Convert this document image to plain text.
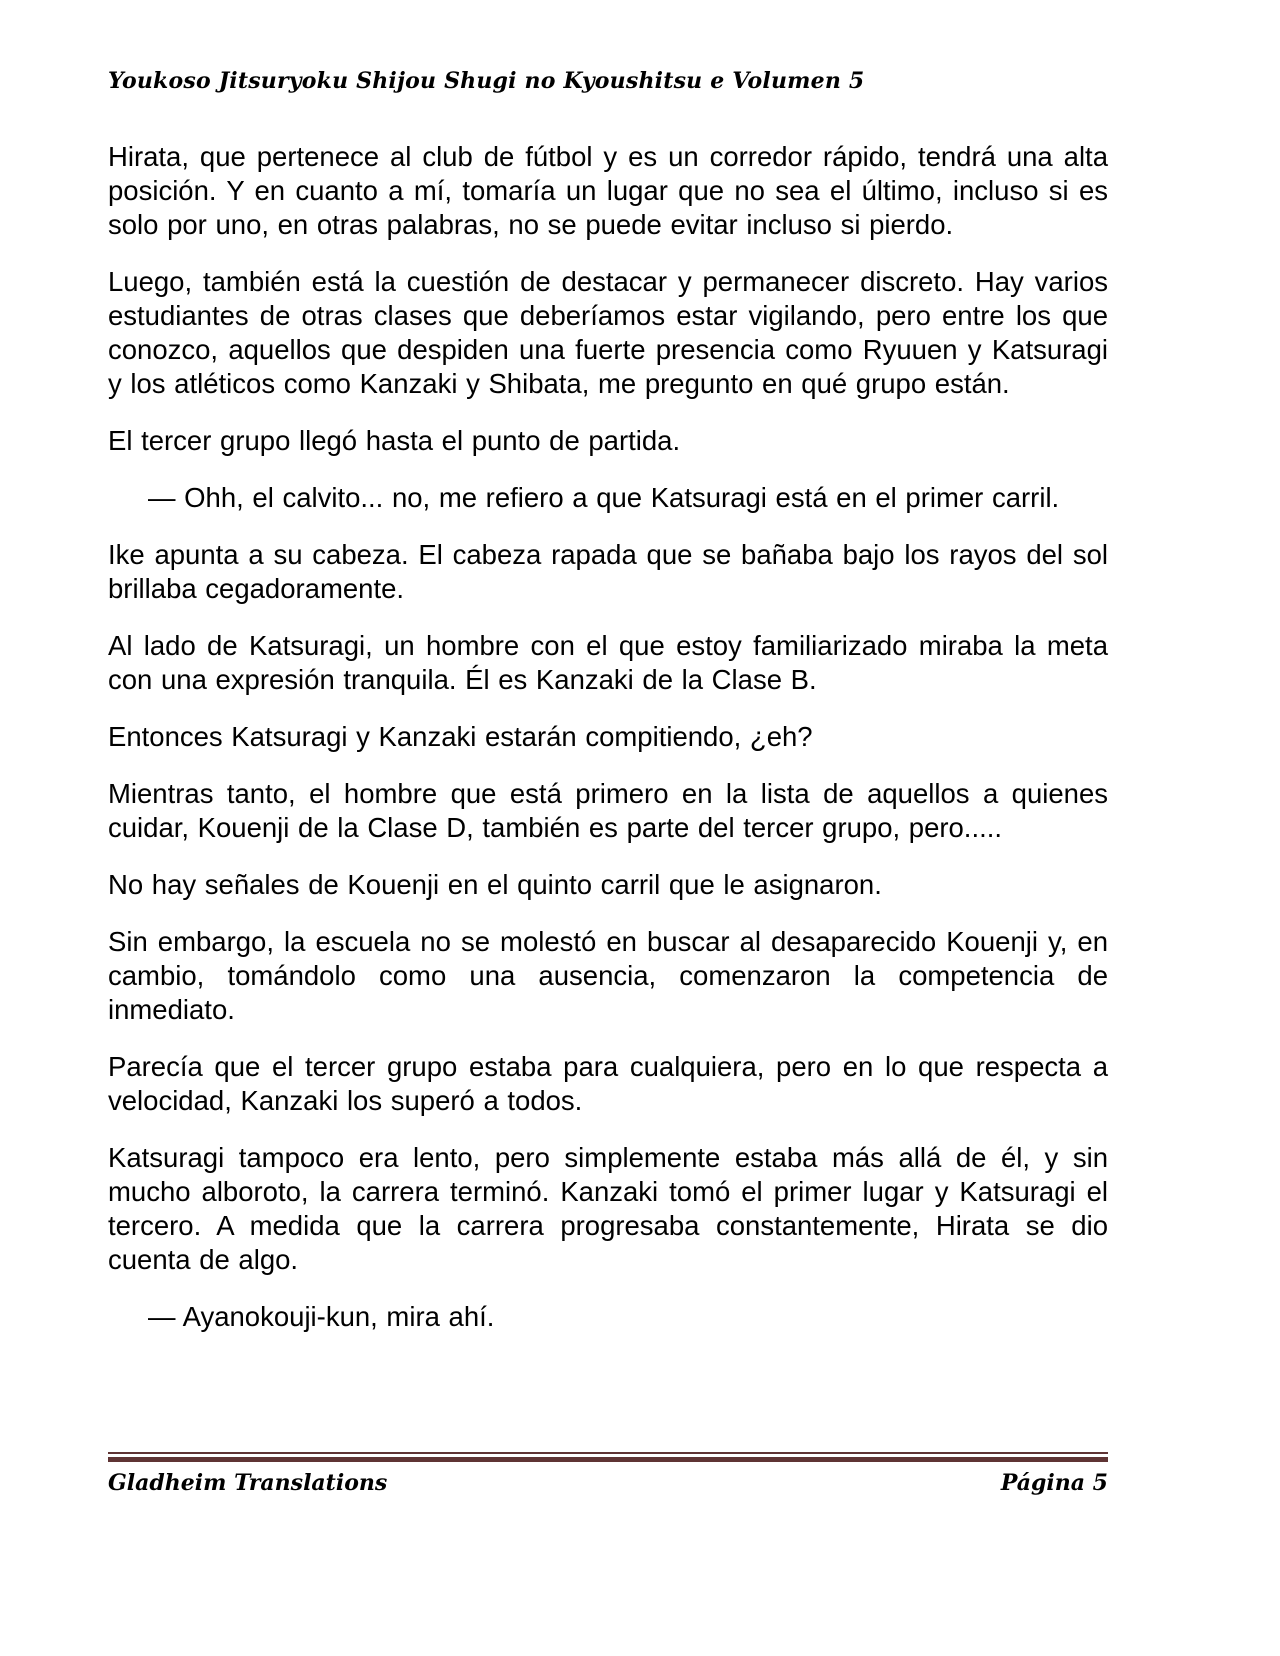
Youkoso Jitsuryoku Shijou Shugi no Kyoushitsu e Volumen 5

Hirata, que pertenece al club de fútbol y es un corredor rápido, tendrá una alta posición. Y en cuanto a mí, tomaría un lugar que no sea el último, incluso si es solo por uno, en otras palabras, no se puede evitar incluso si pierdo.

Luego, también está la cuestión de destacar y permanecer discreto. Hay varios estudiantes de otras clases que deberíamos estar vigilando, pero entre los que conozco, aquellos que despiden una fuerte presencia como Ryuuen y Katsuragi y los atléticos como Kanzaki y Shibata, me pregunto en qué grupo están.

El tercer grupo llegó hasta el punto de partida.

— Ohh, el calvito... no, me refiero a que Katsuragi está en el primer carril.

Ike apunta a su cabeza. El cabeza rapada que se bañaba bajo los rayos del sol brillaba cegadoramente.

Al lado de Katsuragi, un hombre con el que estoy familiarizado miraba la meta con una expresión tranquila. Él es Kanzaki de la Clase B.

Entonces Katsuragi y Kanzaki estarán compitiendo, ¿eh?

Mientras tanto, el hombre que está primero en la lista de aquellos a quienes cuidar, Kouenji de la Clase D, también es parte del tercer grupo, pero.....

No hay señales de Kouenji en el quinto carril que le asignaron.

Sin embargo, la escuela no se molestó en buscar al desaparecido Kouenji y, en cambio, tomándolo como una ausencia, comenzaron la competencia de inmediato.

Parecía que el tercer grupo estaba para cualquiera, pero en lo que respecta a velocidad, Kanzaki los superó a todos.

Katsuragi tampoco era lento, pero simplemente estaba más allá de él, y sin mucho alboroto, la carrera terminó. Kanzaki tomó el primer lugar y Katsuragi el tercero. A medida que la carrera progresaba constantemente, Hirata se dio cuenta de algo.

— Ayanokouji-kun, mira ahí.

Gladheim Translations	Página 5
